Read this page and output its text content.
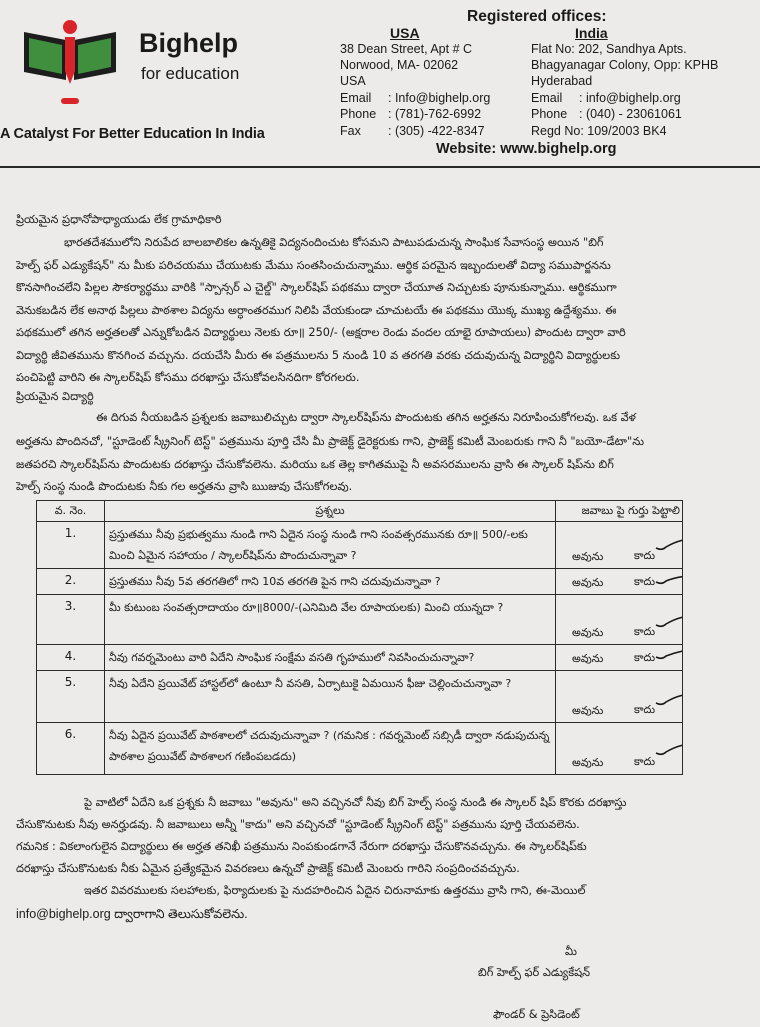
Bighelp
for education
A Catalyst For Better Education In India
Registered offices:
USA
38 Dean Street, Apt # C
Norwood, MA- 02062
USA
Email : Info@bighelp.org
Phone : (781)-762-6992
Fax : (305) -422-8347
India
Flat No: 202, Sandhya Apts.
Bhagyanagar Colony, Opp: KPHB
Hyderabad
Email : info@bighelp.org
Phone : (040) - 23061061
Regd No: 109/2003 BK4
Website: www.bighelp.org
ప్రియమైన ప్రధానోపాధ్యాయుడు లేక గ్రామాధికారి
భారతదేశములోని నిరుపేద బాలబాలికల ఉన్నతికై విద్యనందించుట కోసమని పాటుపడుచున్న సాంఘిక సేవాసంస్థ అయిన "బిగ్
హెల్ప్ ఫర్ ఎడ్యుకేషన్" ను మీకు పరిచయము చేయుటకు మేము సంతసించుచున్నాము. ఆర్థిక పరమైన ఇబ్బందులతో విద్యా సముపార్జనను
కొనసాగించలేని పిల్లల సౌకర్యార్థము వారికి "స్పాన్సర్ ఎ చైల్డ్" స్కాలర్‌షిప్ పథకము ద్వారా చేయూత నిచ్చుటకు పూనుకున్నాము. ఆర్థికముగా
వెనుకబడిన లేక అనాథ పిల్లలు పాఠశాల విద్యను అర్ధాంతరముగ నిలిపి వేయకుండా చూచుటయే ఈ పథకము యొక్క ముఖ్య ఉద్దేశ్యము. ఈ
పథకములో తగిన అర్హతలతో ఎన్నుకోబడిన విద్యార్థులు నెలకు రూ॥ 250/- (అక్షరాల రెండు వందల యాభై రూపాయలు) పొందుట ద్వారా వారి
విద్యార్థి జీవితమును కొనగించ వచ్చును. దయచేసి మీరు ఈ పత్రములను 5 నుండి 10 వ తరగతి వరకు చదువుచున్న విద్యార్థిని విద్యార్థులకు
పంచిపెట్టి వారిని ఈ స్కాలర్‌షిప్ కోసము దరఖాస్తు చేసుకోవలసినదిగా కోరగలరు.
ప్రియమైన విద్యార్థి
ఈ దిగువ నీయబడిన ప్రశ్నలకు జవాబులిచ్చుట ద్వారా స్కాలర్‌షిప్‌ను పొందుటకు తగిన అర్హతను నిరూపించుకోగలవు. ఒక వేళ
అర్హతను పొందినచో, "స్టూడెంట్ స్క్రీనింగ్ టెస్ట్" పత్రమును పూర్తి చేసి మీ ప్రాజెక్ట్ డైరెక్టరుకు గాని, ప్రాజెక్ట్ కమిటీ మెంబరుకు గాని నీ "బయో-డేటా"ను
జతపరచి స్కాలర్‌షిప్‌ను పొందుటకు దరఖాస్తు చేసుకోవలెను. మరియు ఒక తెల్ల కాగితముపై నీ అవసరములను వ్రాసి ఈ స్కాలర్ షిప్‌ను బిగ్
హెల్ప్ సంస్థ నుండి పొందుటకు నీకు గల అర్హతను వ్రాసి ఋజువు చేసుకోగలవు.
వ. నెం.	ప్రశ్నలు	జవాబు పై గుర్తు పెట్టాలి
1.	ప్రస్తుతము నీవు ప్రభుత్వము నుండి గాని ఏదైన సంస్థ నుండి గాని సంవత్సరమునకు రూ॥ 500/-లకు మించి ఏమైన సహాయం / స్కాలర్‌షిప్‌ను పొందుచున్నావా ?	అవును కాదు

2.	ప్రస్తుతము నీవు 5వ తరగతిలో గాని 10వ తరగతి పైన గాని చదువుచున్నావా ?	అవును కాదు

3.	మీ కుటుంబ సంవత్సరాదాయం రూ॥8000/-(ఎనిమిది వేల రూపాయలకు) మించి యున్నదా ?	అవును కాదు

4.	నీవు గవర్నమెంటు వారి ఏదేని సాంఘిక సంక్షేమ వసతి గృహములో నివసించుచున్నావా?	అవును కాదు

5.	నీవు ఏదేని ప్రయివేట్ హాస్టల్‌లో ఉంటూ నీ వసతి, ఏర్పాటుకై ఏమయిన ఫీజు చెల్లించుచున్నావా ?	అవును కాదు

6.	నీవు ఏదైన ప్రయివేట్ పాఠశాలలో చదువుచున్నావా ? (గమనిక : గవర్నమెంట్ సబ్సిడీ ద్వారా నడుపుచున్న పాఠశాల ప్రయివేట్ పాఠశాలగ గణింపబడదు)	అవును కాదు
పై వాటిలో ఏదేని ఒక ప్రశ్నకు నీ జవాబు "అవును" అని వచ్చినచో నీవు బిగ్ హెల్ప్ సంస్థ నుండి ఈ స్కాలర్ షిప్ కొరకు దరఖాస్తు
చేసుకొనుటకు నీవు అనర్హుడవు. నీ జవాబులు అన్నీ "కాదు" అని వచ్చినచో "స్టూడెంట్ స్క్రీనింగ్ టెస్ట్" పత్రమును పూర్తి చేయవలెను.
గమనిక : వికలాంగులైన విద్యార్థులు ఈ అర్హత తనిఖీ పత్రమును నింపకుండగానే నేరుగా దరఖాస్తు చేసుకొనవచ్చును. ఈ స్కాలర్‌షిప్‌కు
దరఖాస్తు చేసుకొనుటకు నీకు ఏమైన ప్రత్యేకమైన వివరణలు ఉన్నచో ప్రాజెక్ట్ కమిటీ మెంబరు గారిని సంప్రదించవచ్చును.
ఇతర వివరములకు సలహాలకు, ఫిర్యాదులకు పై నుదహరించిన ఏదైన చిరునామాకు ఉత్తరము వ్రాసి గాని, ఈ-మెయిల్
info@bighelp.org ద్వారాగాని తెలుసుకోవలెను.
మీ
బిగ్ హెల్ప్ ఫర్ ఎడ్యుకేషన్
ఫౌండర్ & ప్రెసిడెంట్
